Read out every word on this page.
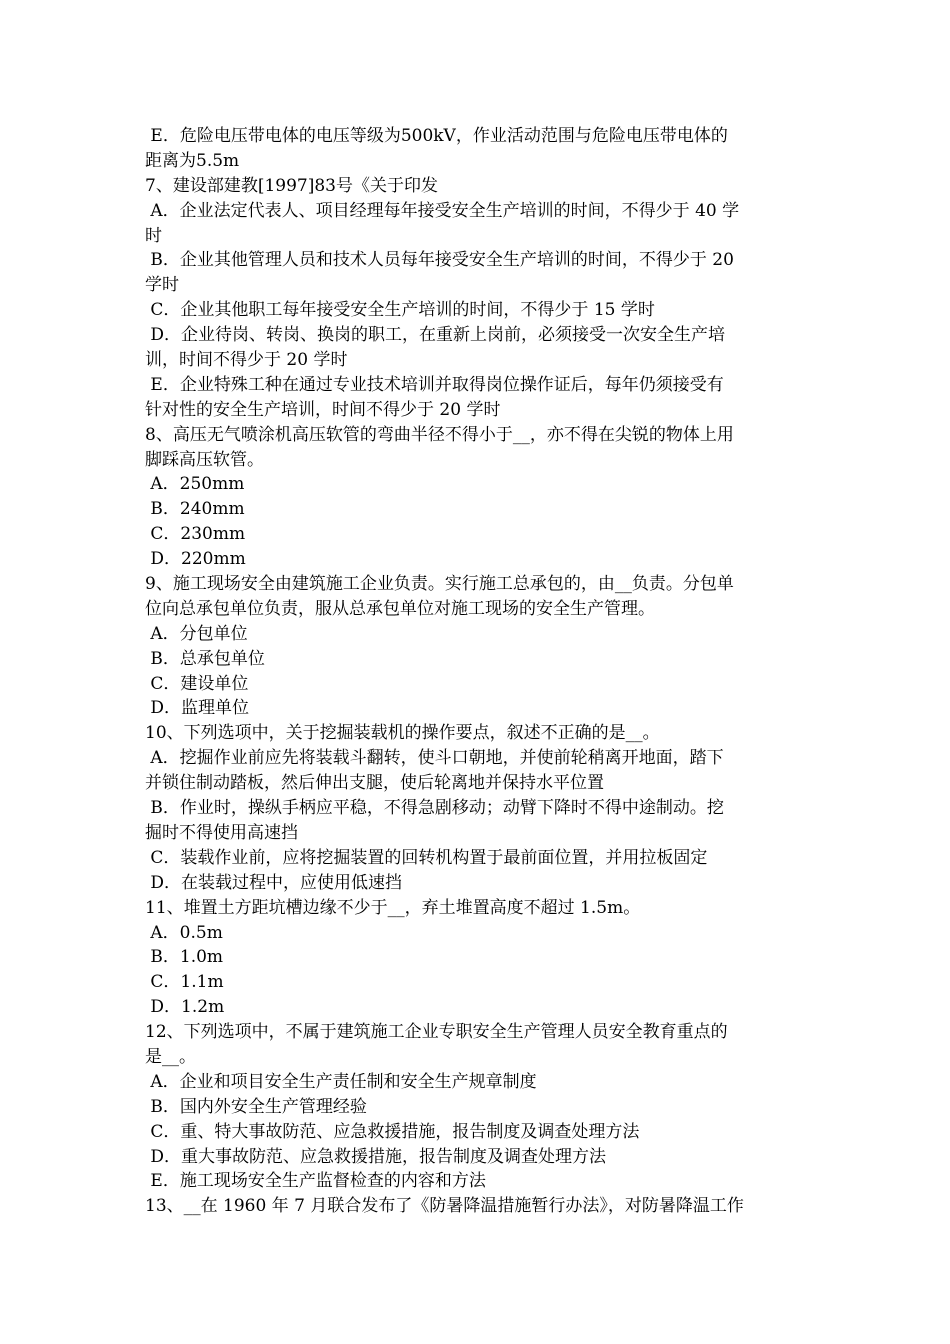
E．危险电压带电体的电压等级为500kV，作业活动范围与危险电压带电体的
距离为5.5m
7、建设部建教[1997]83号《关于印发
A．企业法定代表人、项目经理每年接受安全生产培训的时间，不得少于 40 学
时
B．企业其他管理人员和技术人员每年接受安全生产培训的时间，不得少于 20
学时
C．企业其他职工每年接受安全生产培训的时间，不得少于 15 学时
D．企业待岗、转岗、换岗的职工，在重新上岗前，必须接受一次安全生产培
训，时间不得少于 20 学时
E．企业特殊工种在通过专业技术培训并取得岗位操作证后，每年仍须接受有
针对性的安全生产培训，时间不得少于 20 学时
8、高压无气喷涂机高压软管的弯曲半径不得小于__，亦不得在尖锐的物体上用
脚踩高压软管。
A．250mm
B．240mm
C．230mm
D．220mm
9、施工现场安全由建筑施工企业负责。实行施工总承包的，由__负责。分包单
位向总承包单位负责，服从总承包单位对施工现场的安全生产管理。
A．分包单位
B．总承包单位
C．建设单位
D．监理单位
10、下列选项中，关于挖掘装载机的操作要点，叙述不正确的是__。
A．挖掘作业前应先将装载斗翻转，使斗口朝地，并使前轮稍离开地面，踏下
并锁住制动踏板，然后伸出支腿，使后轮离地并保持水平位置
B．作业时，操纵手柄应平稳，不得急剧移动；动臂下降时不得中途制动。挖
掘时不得使用高速挡
C．装载作业前，应将挖掘装置的回转机构置于最前面位置，并用拉板固定
D．在装载过程中，应使用低速挡
11、堆置土方距坑槽边缘不少于__，弃土堆置高度不超过 1.5m。
A．0.5m
B．1.0m
C．1.1m
D．1.2m
12、下列选项中，不属于建筑施工企业专职安全生产管理人员安全教育重点的
是__。
A．企业和项目安全生产责任制和安全生产规章制度
B．国内外安全生产管理经验
C．重、特大事故防范、应急救援措施，报告制度及调查处理方法
D．重大事故防范、应急救援措施，报告制度及调查处理方法
E．施工现场安全生产监督检查的内容和方法
13、__在 1960 年 7 月联合发布了《防暑降温措施暂行办法》，对防暑降温工作
